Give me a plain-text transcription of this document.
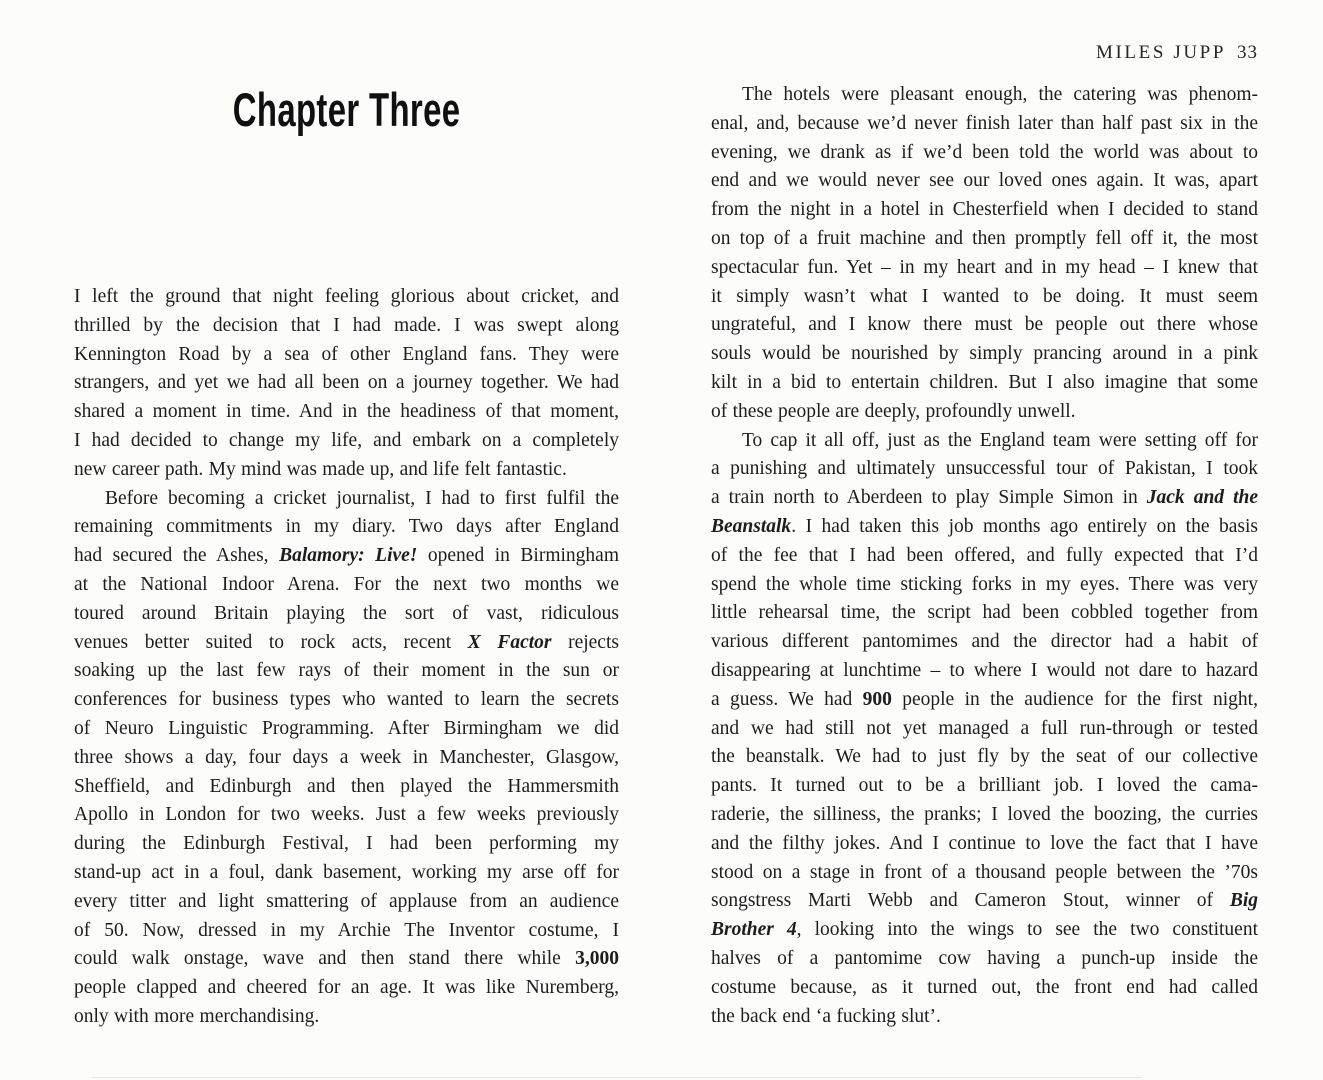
Chapter Three
I left the ground that night feeling glorious about cricket, and
thrilled by the decision that I had made. I was swept along
Kennington Road by a sea of other England fans. They were
strangers, and yet we had all been on a journey together. We had
shared a moment in time. And in the headiness of that moment,
I had decided to change my life, and embark on a completely
new career path. My mind was made up, and life felt fantastic.
Before becoming a cricket journalist, I had to first fulfil the
remaining commitments in my diary. Two days after England
had secured the Ashes, Balamory: Live! opened in Birmingham
at the National Indoor Arena. For the next two months we
toured around Britain playing the sort of vast, ridiculous
venues better suited to rock acts, recent X Factor rejects
soaking up the last few rays of their moment in the sun or
conferences for business types who wanted to learn the secrets
of Neuro Linguistic Programming. After Birmingham we did
three shows a day, four days a week in Manchester, Glasgow,
Sheffield, and Edinburgh and then played the Hammersmith
Apollo in London for two weeks. Just a few weeks previously
during the Edinburgh Festival, I had been performing my
stand-up act in a foul, dank basement, working my arse off for
every titter and light smattering of applause from an audience
of 50. Now, dressed in my Archie The Inventor costume, I
could walk onstage, wave and then stand there while 3,000
people clapped and cheered for an age. It was like Nuremberg,
only with more merchandising.
MILES JUPP 33
The hotels were pleasant enough, the catering was phenom-
enal, and, because we’d never finish later than half past six in the
evening, we drank as if we’d been told the world was about to
end and we would never see our loved ones again. It was, apart
from the night in a hotel in Chesterfield when I decided to stand
on top of a fruit machine and then promptly fell off it, the most
spectacular fun. Yet – in my heart and in my head – I knew that
it simply wasn’t what I wanted to be doing. It must seem
ungrateful, and I know there must be people out there whose
souls would be nourished by simply prancing around in a pink
kilt in a bid to entertain children. But I also imagine that some
of these people are deeply, profoundly unwell.
To cap it all off, just as the England team were setting off for
a punishing and ultimately unsuccessful tour of Pakistan, I took
a train north to Aberdeen to play Simple Simon in Jack and the
Beanstalk. I had taken this job months ago entirely on the basis
of the fee that I had been offered, and fully expected that I’d
spend the whole time sticking forks in my eyes. There was very
little rehearsal time, the script had been cobbled together from
various different pantomimes and the director had a habit of
disappearing at lunchtime – to where I would not dare to hazard
a guess. We had 900 people in the audience for the first night,
and we had still not yet managed a full run-through or tested
the beanstalk. We had to just fly by the seat of our collective
pants. It turned out to be a brilliant job. I loved the cama-
raderie, the silliness, the pranks; I loved the boozing, the curries
and the filthy jokes. And I continue to love the fact that I have
stood on a stage in front of a thousand people between the ’70s
songstress Marti Webb and Cameron Stout, winner of Big
Brother 4, looking into the wings to see the two constituent
halves of a pantomime cow having a punch-up inside the
costume because, as it turned out, the front end had called
the back end ‘a fucking slut’.
